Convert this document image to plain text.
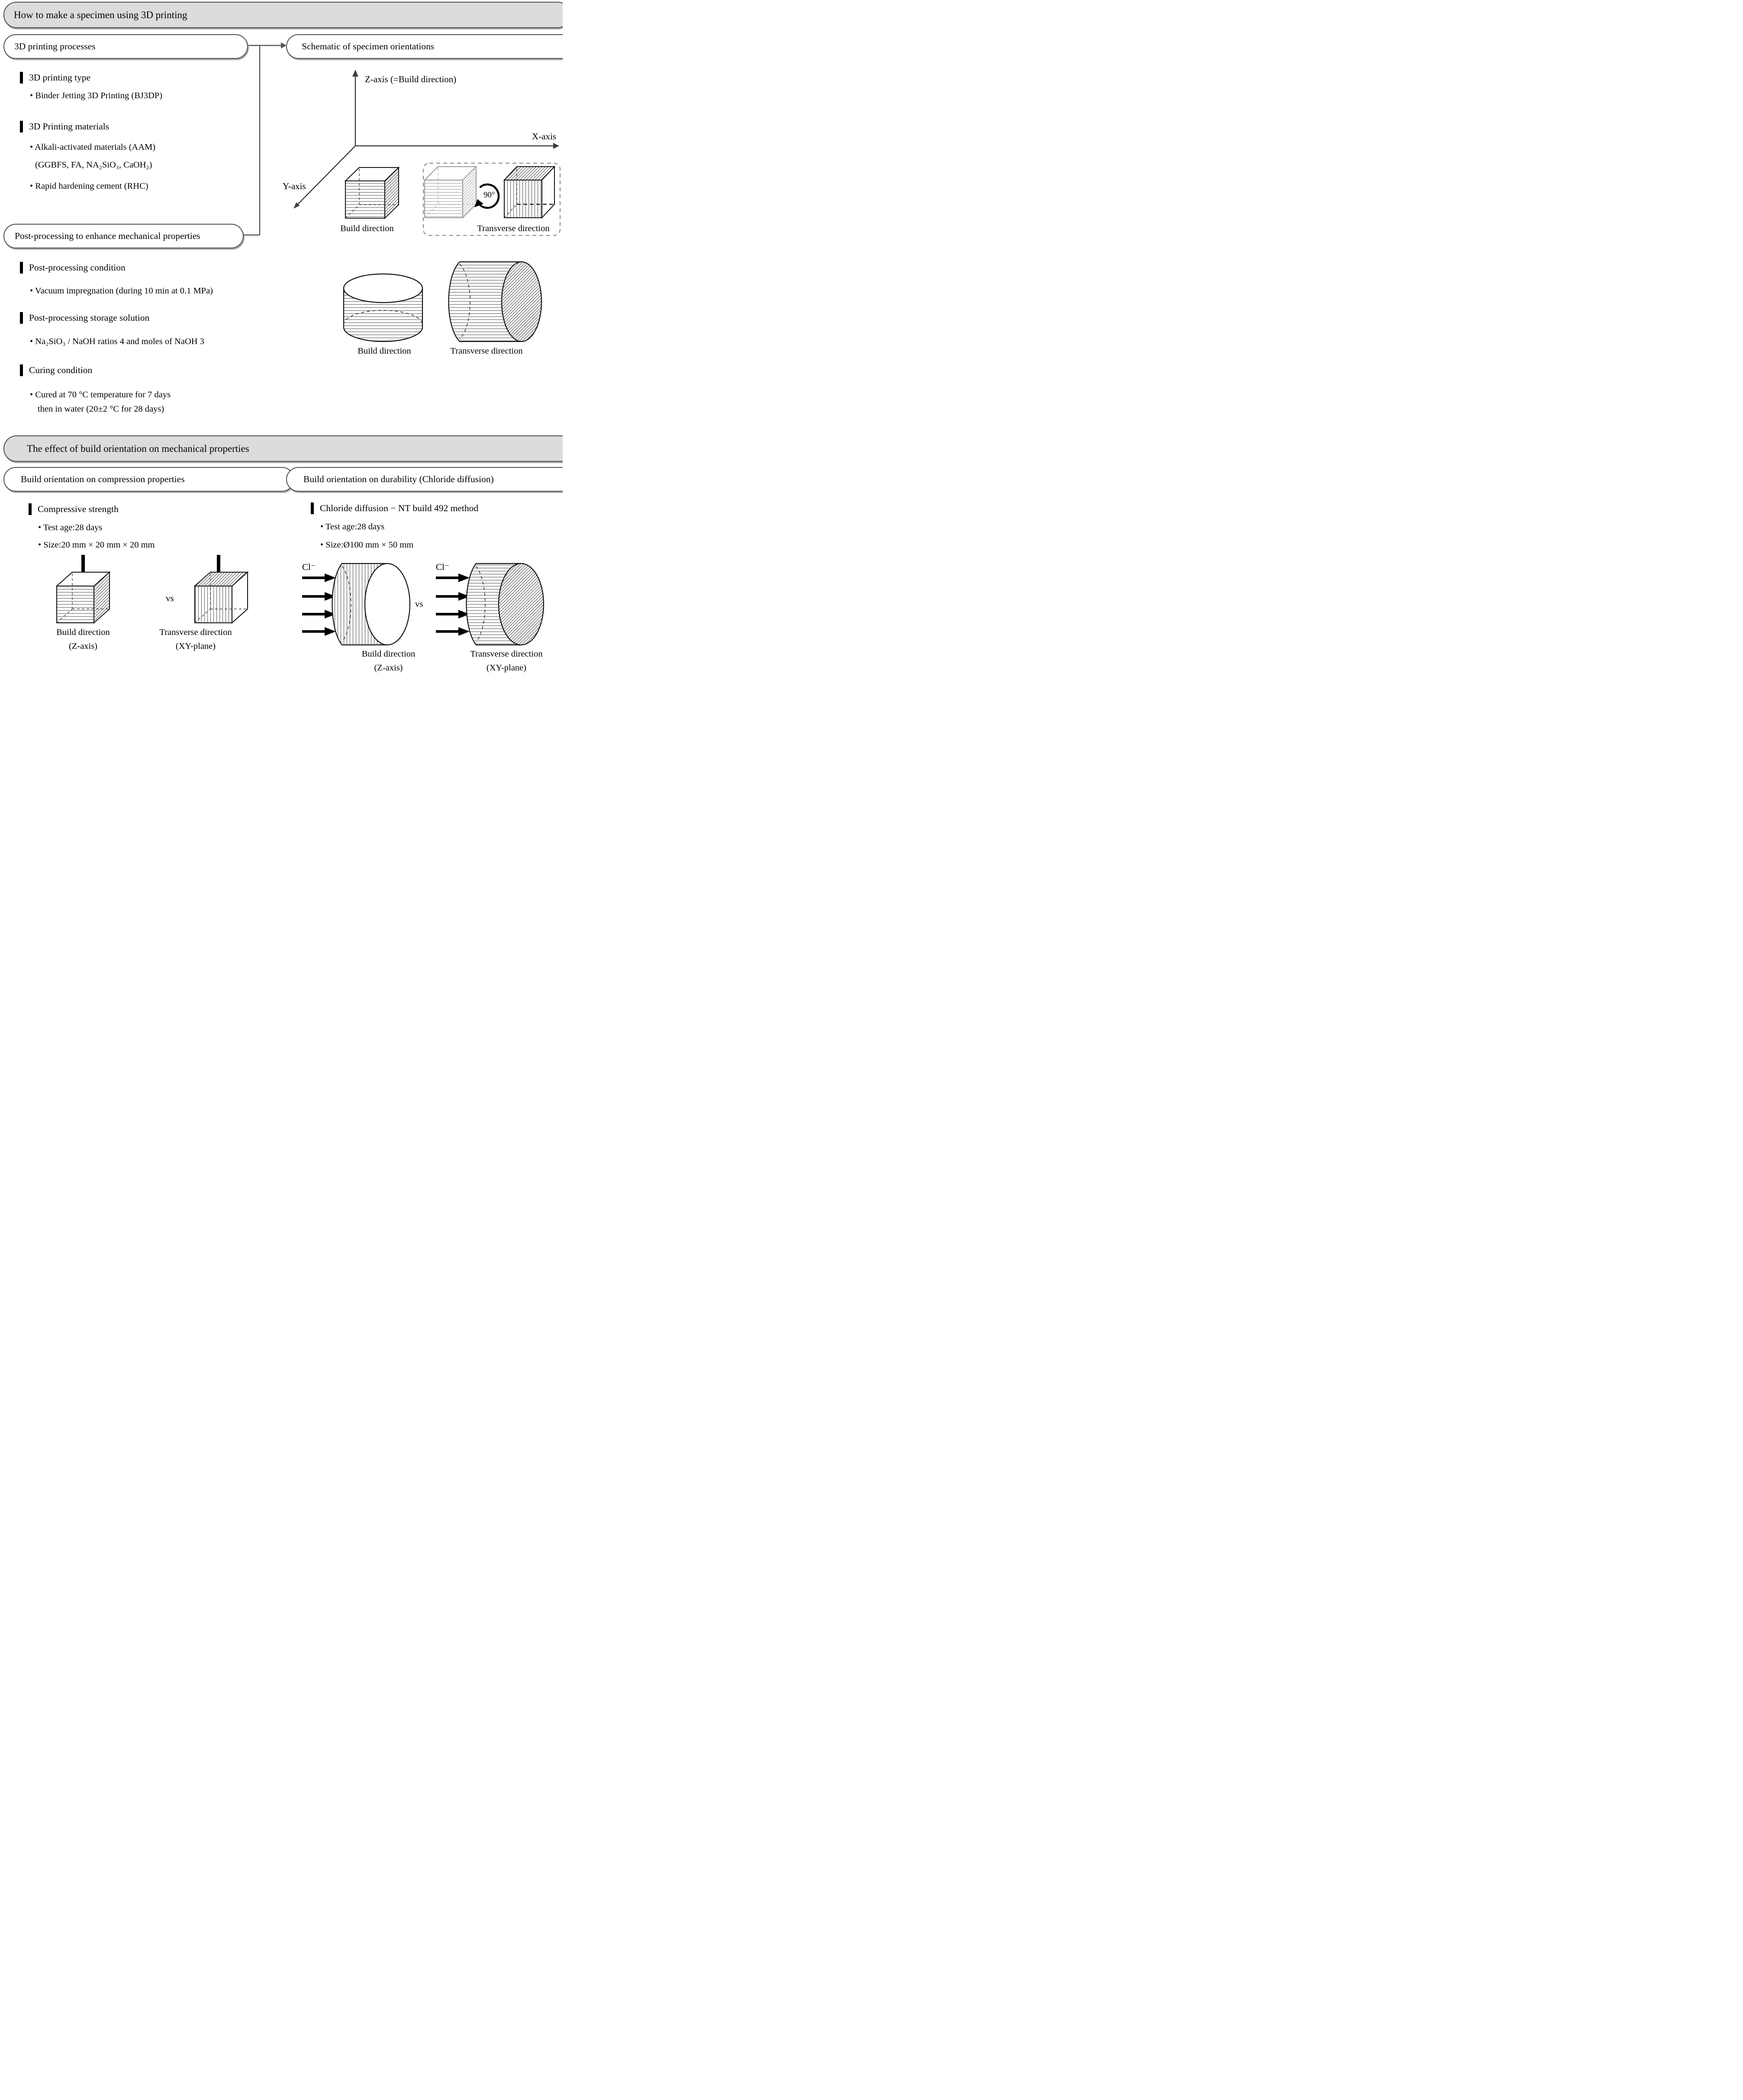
How to make a specimen using 3D printing
3D printing processes	Schematic of specimen orientations
3D printing type
• Binder Jetting 3D Printing (BJ3DP)
3D Printing materials
• Alkali-activated materials (AAM)
(GGBFS, FA, NA₂SiO₃, CaOH₂)
• Rapid hardening cement (RHC)
Post-processing to enhance mechanical properties
Post-processing condition
• Vacuum impregnation (during 10 min at 0.1 MPa)
Post-processing storage solution
• Na₂SiO₃ / NaOH ratios 4 and moles of NaOH 3
Curing condition
• Cured at 70 °C temperature for 7 days
then in water (20±2 °C for 28 days)
Z-axis (=Build direction)
X-axis
Y-axis
Build direction	Transverse direction
90°
Build direction	Transverse direction
The effect of build orientation on mechanical properties
Build orientation on compression properties	Build orientation on durability (Chloride diffusion)
Compressive strength
• Test age:28 days
• Size:20 mm × 20 mm × 20 mm
vs
Build direction
(Z-axis)
Transverse direction
(XY-plane)
Chloride diffusion − NT build 492 method
• Test age:28 days
• Size:Ø100 mm × 50 mm
Cl⁻	Cl⁻
vs
Build direction
(Z-axis)
Transverse direction
(XY-plane)
